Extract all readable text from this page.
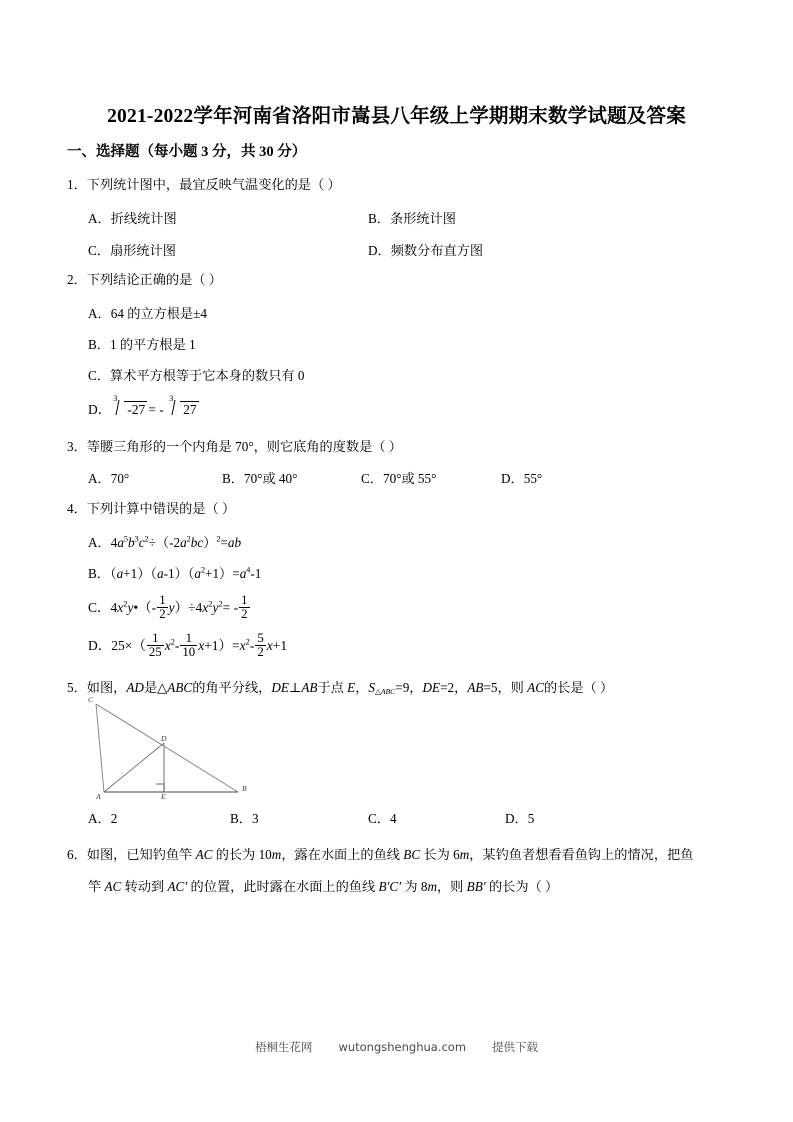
2021-2022学年河南省洛阳市嵩县八年级上学期期末数学试题及答案
一、选择题（每小题 3 分，共 30 分）
1．下列统计图中，最宜反映气温变化的是（ ）
A．折线统计图	B．条形统计图
C．扇形统计图	D．频数分布直方图
2．下列结论正确的是（ ）
A．64 的立方根是±4
B．1 的平方根是 1
C．算术平方根等于它本身的数只有 0
D．
3
-27 = -
3
27
3．等腰三角形的一个内角是 70°，则它底角的度数是（ ）
A．70°	B．70°或 40°	C．70°或 55°	D．55°
4．下列计算中错误的是（ ）
A．$4a^5b^3c^2\div(-2a^2bc)^2=ab$
B．$(a+1)(a-1)(a^2+1)=a^4-1$
C．$4x^2y•(- \frac{1}{2} y)\div 4x^2y^2= - \frac{1}{2}$
D．$25\times( \frac{1}{25} x^2- \frac{1}{10} x+1)=x^2- \frac{5}{2} x+1$
5．如图，AD是△ABC的角平分线，DE⊥AB于点 E，$S_{\triangle ABC}=9$，DE=2，AB=5，则 AC的长是（ ）
C
A
B
D
E
A．2	B．3	C．4	D．5
6．如图，已知钓鱼竿 AC 的长为 10m，露在水面上的鱼线 BC 长为 6m，某钓鱼者想看看鱼钩上的情况，把鱼
竿 AC 转动到 AC′ 的位置，此时露在水面上的鱼线 B′C′ 为 8m，则 BB′ 的长为（ ）
梧桐生花网 wutongshenghua.com 提供下载
